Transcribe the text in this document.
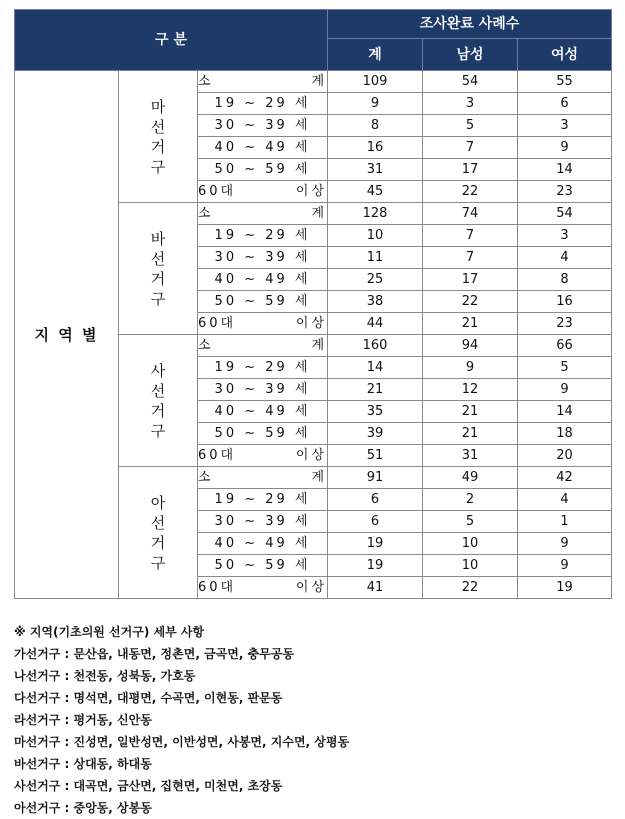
구 분			조사완료 사례수		
			계	남성	여성
지 역 별	마
선
거
구	소 계	109	54	55
		19 ~ 29 세	9	3	6
		30 ~ 39 세	8	5	3
		40 ~ 49 세	16	7	9
		50 ~ 59 세	31	17	14
		60대 이상	45	22	23

	바
선
거
구	소 계	128	74	54
		19 ~ 29 세	10	7	3
		30 ~ 39 세	11	7	4
		40 ~ 49 세	25	17	8
		50 ~ 59 세	38	22	16
		60대 이상	44	21	23

	사
선
거
구	소 계	160	94	66
		19 ~ 29 세	14	9	5
		30 ~ 39 세	21	12	9
		40 ~ 49 세	35	21	14
		50 ~ 59 세	39	21	18
		60대 이상	51	31	20

	아
선
거
구	소 계	91	49	42
		19 ~ 29 세	6	2	4
		30 ~ 39 세	6	5	1
		40 ~ 49 세	19	10	9
		50 ~ 59 세	19	10	9
		60대 이상	41	22	19
※ 지역(기초의원 선거구) 세부 사항
가선거구 : 문산읍, 내동면, 정촌면, 금곡면, 충무공동
나선거구 : 천전동, 성북동, 가호동
다선거구 : 명석면, 대평면, 수곡면, 이현동, 판문동
라선거구 : 평거동, 신안동
마선거구 : 진성면, 일반성면, 이반성면, 사봉면, 지수면, 상평동
바선거구 : 상대동, 하대동
사선거구 : 대곡면, 금산면, 집현면, 미천면, 초장동
아선거구 : 중앙동, 상봉동
